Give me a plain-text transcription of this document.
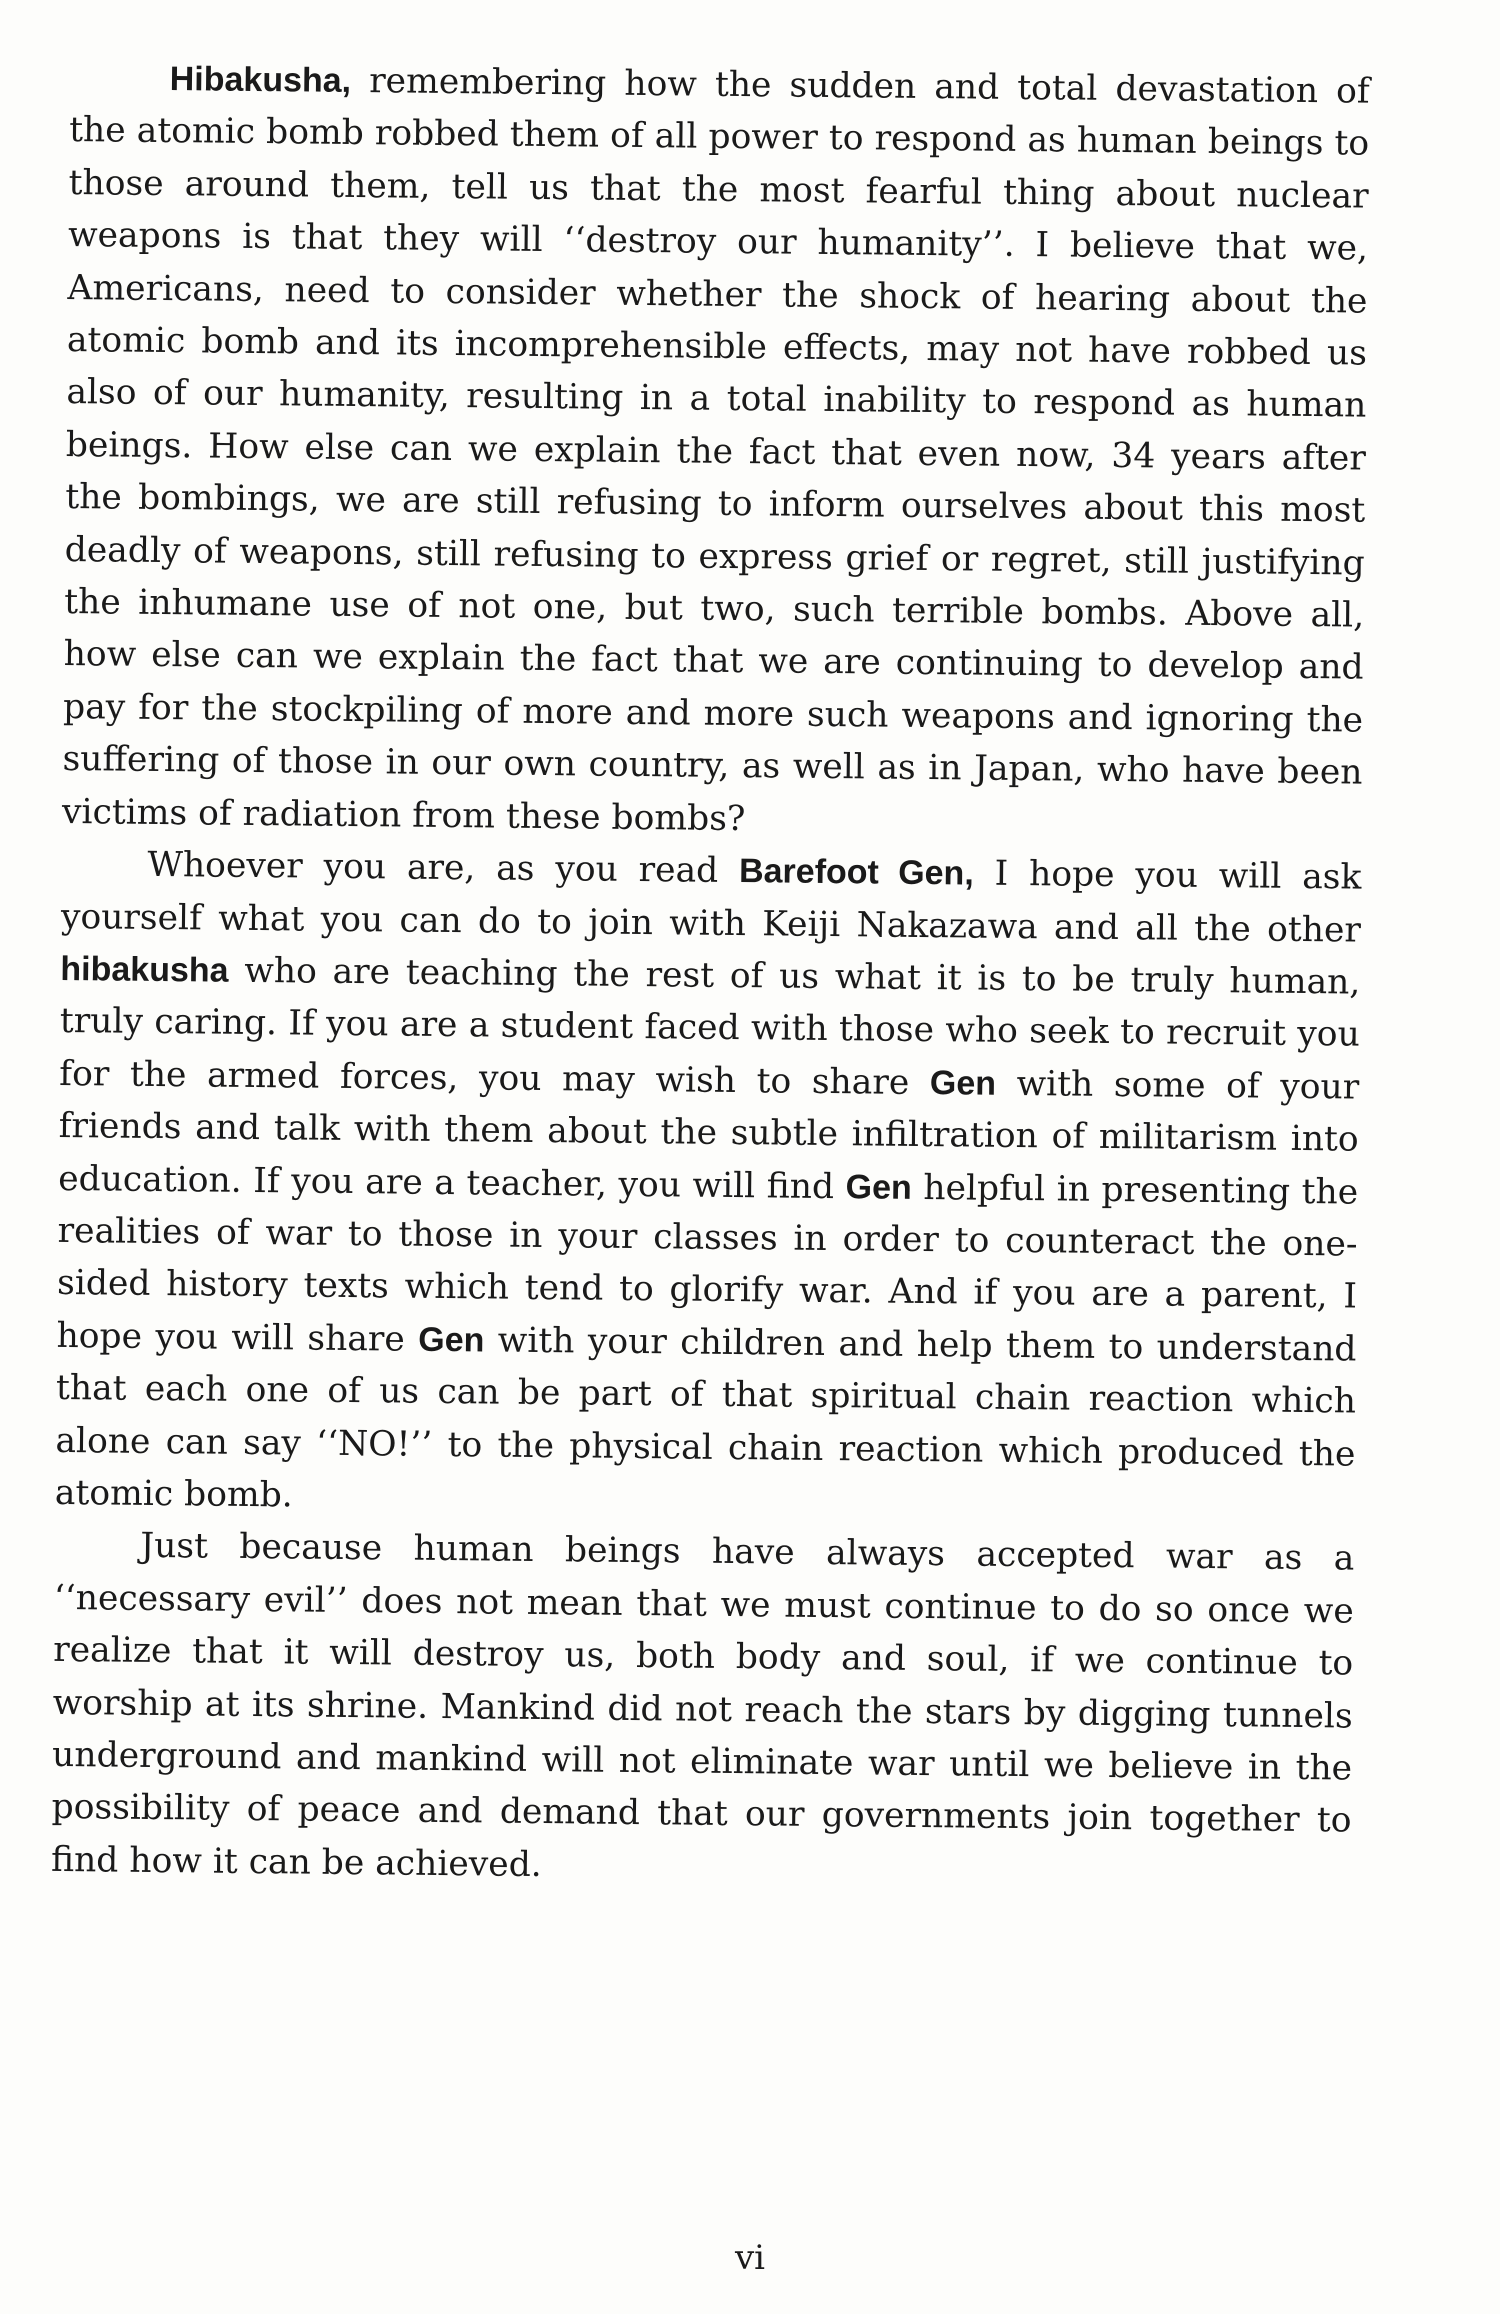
Hibakusha, remembering how the sudden and total devastation of the atomic bomb robbed them of all power to respond as human beings to those around them, tell us that the most fearful thing about nuclear weapons is that they will ‘‘destroy our humanity’’. I believe that we, Americans, need to consider whether the shock of hearing about the atomic bomb and its incomprehensible effects, may not have robbed us also of our humanity, resulting in a total inability to respond as human beings. How else can we explain the fact that even now, 34 years after the bombings, we are still refusing to inform ourselves about this most deadly of weapons, still refusing to express grief or regret, still justifying the inhumane use of not one, but two, such terrible bombs. Above all, how else can we explain the fact that we are continuing to develop and pay for the stockpiling of more and more such weapons and ignoring the suffering of those in our own country, as well as in Japan, who have been victims of radiation from these bombs?

Whoever you are, as you read Barefoot Gen, I hope you will ask yourself what you can do to join with Keiji Nakazawa and all the other hibakusha who are teaching the rest of us what it is to be truly human, truly caring. If you are a student faced with those who seek to recruit you for the armed forces, you may wish to share Gen with some of your friends and talk with them about the subtle infiltration of militarism into education. If you are a teacher, you will find Gen helpful in presenting the realities of war to those in your classes in order to counteract the one-sided history texts which tend to glorify war. And if you are a parent, I hope you will share Gen with your children and help them to understand that each one of us can be part of that spiritual chain reaction which alone can say ‘‘NO!’’ to the physical chain reaction which produced the atomic bomb.

Just because human beings have always accepted war as a ‘‘necessary evil’’ does not mean that we must continue to do so once we realize that it will destroy us, both body and soul, if we continue to worship at its shrine. Mankind did not reach the stars by digging tunnels underground and mankind will not eliminate war until we believe in the possibility of peace and demand that our governments join together to find how it can be achieved.

vi
